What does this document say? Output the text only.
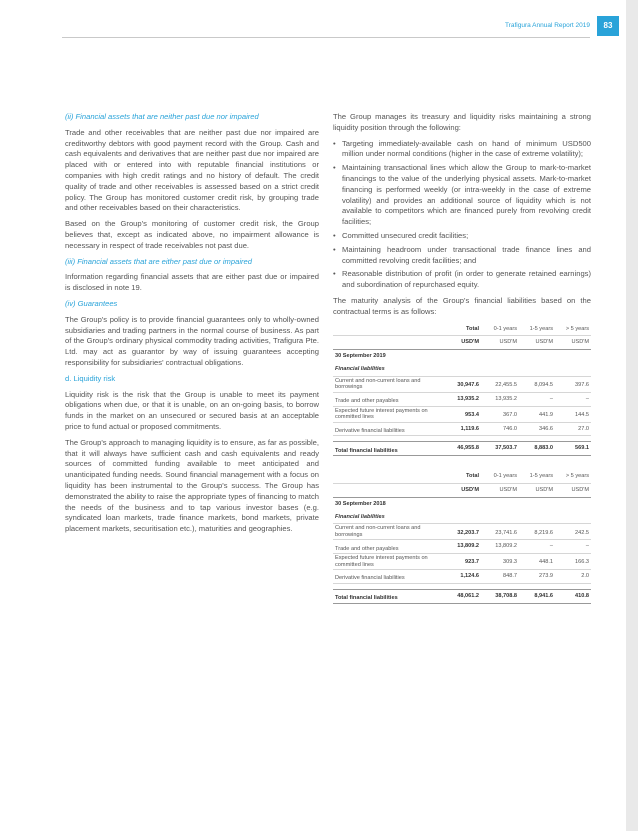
Trafigura Annual Report 2019	83

(ii) Financial assets that are neither past due nor impaired

Trade and other receivables that are neither past due nor impaired are creditworthy debtors with good payment record with the Group. Cash and cash equivalents and derivatives that are neither past due nor impaired are placed with or entered into with reputable financial institutions or companies with high credit ratings and no history of default. The credit quality of trade and other receivables is assessed based on a strict credit policy. The Group has monitored customer credit risk, by grouping trade and other receivables based on their characteristics.

Based on the Group's monitoring of customer credit risk, the Group believes that, except as indicated above, no impairment allowance is necessary in respect of trade receivables not past due.

(iii) Financial assets that are either past due or impaired

Information regarding financial assets that are either past due or impaired is disclosed in note 19.

(iv) Guarantees

The Group's policy is to provide financial guarantees only to wholly-owned subsidiaries and trading partners in the normal course of business. As part of the Group's ordinary physical commodity trading activities, Trafigura Pte. Ltd. may act as guarantor by way of issuing guarantees accepting responsibility for subsidiaries' contractual obligations.

d. Liquidity risk

Liquidity risk is the risk that the Group is unable to meet its payment obligations when due, or that it is unable, on an on-going basis, to borrow funds in the market on an unsecured or secured basis at an acceptable price to fund actual or proposed commitments.

The Group's approach to managing liquidity is to ensure, as far as possible, that it will always have sufficient cash and cash equivalents and ready sources of committed funding available to meet anticipated and unanticipated funding needs. Sound financial management with a focus on liquidity has been instrumental to the Group's success. The Group has demonstrated the ability to raise the appropriate types of financing to match the needs of the business and to tap various investor bases (e.g. syndicated loan markets, trade finance markets, bond markets, private placement markets, securitisation etc.), maturities and geographies.

The Group manages its treasury and liquidity risks maintaining a strong liquidity position through the following:

• Targeting immediately-available cash on hand of minimum USD500 million under normal conditions (higher in the case of extreme volatility);
• Maintaining transactional lines which allow the Group to mark-to-market financings to the value of the underlying physical assets. Mark-to-market financing is performed weekly (or intra-weekly in the case of extreme volatility) and provides an additional source of liquidity which is not available to competitors which are financed purely from revolving credit facilities;
• Committed unsecured credit facilities;
• Maintaining headroom under transactional trade finance lines and committed revolving credit facilities; and
• Reasonable distribution of profit (in order to generate retained earnings) and subordination of repurchased equity.

The maturity analysis of the Group's financial liabilities based on the contractual terms is as follows:

	Total	0-1 years	1-5 years	> 5 years
	USD'M	USD'M	USD'M	USD'M
30 September 2019				
Financial liabilities				
Current and non-current loans and borrowings	30,947.6	22,455.5	8,094.5	397.6
Trade and other payables	13,935.2	13,935.2	–	–
Expected future interest payments on committed lines	953.4	367.0	441.9	144.5
Derivative financial liabilities	1,119.6	746.0	346.6	27.0

Total financial liabilities	46,955.8	37,503.7	8,883.0	569.1
	Total	0-1 years	1-5 years	> 5 years
	USD'M	USD'M	USD'M	USD'M
30 September 2018				
Financial liabilities				
Current and non-current loans and borrowings	32,203.7	23,741.6	8,219.6	242.5
Trade and other payables	13,809.2	13,809.2	–	–
Expected future interest payments on committed lines	923.7	309.3	448.1	166.3
Derivative financial liabilities	1,124.6	848.7	273.9	2.0

Total financial liabilities	48,061.2	38,708.8	8,941.6	410.8
